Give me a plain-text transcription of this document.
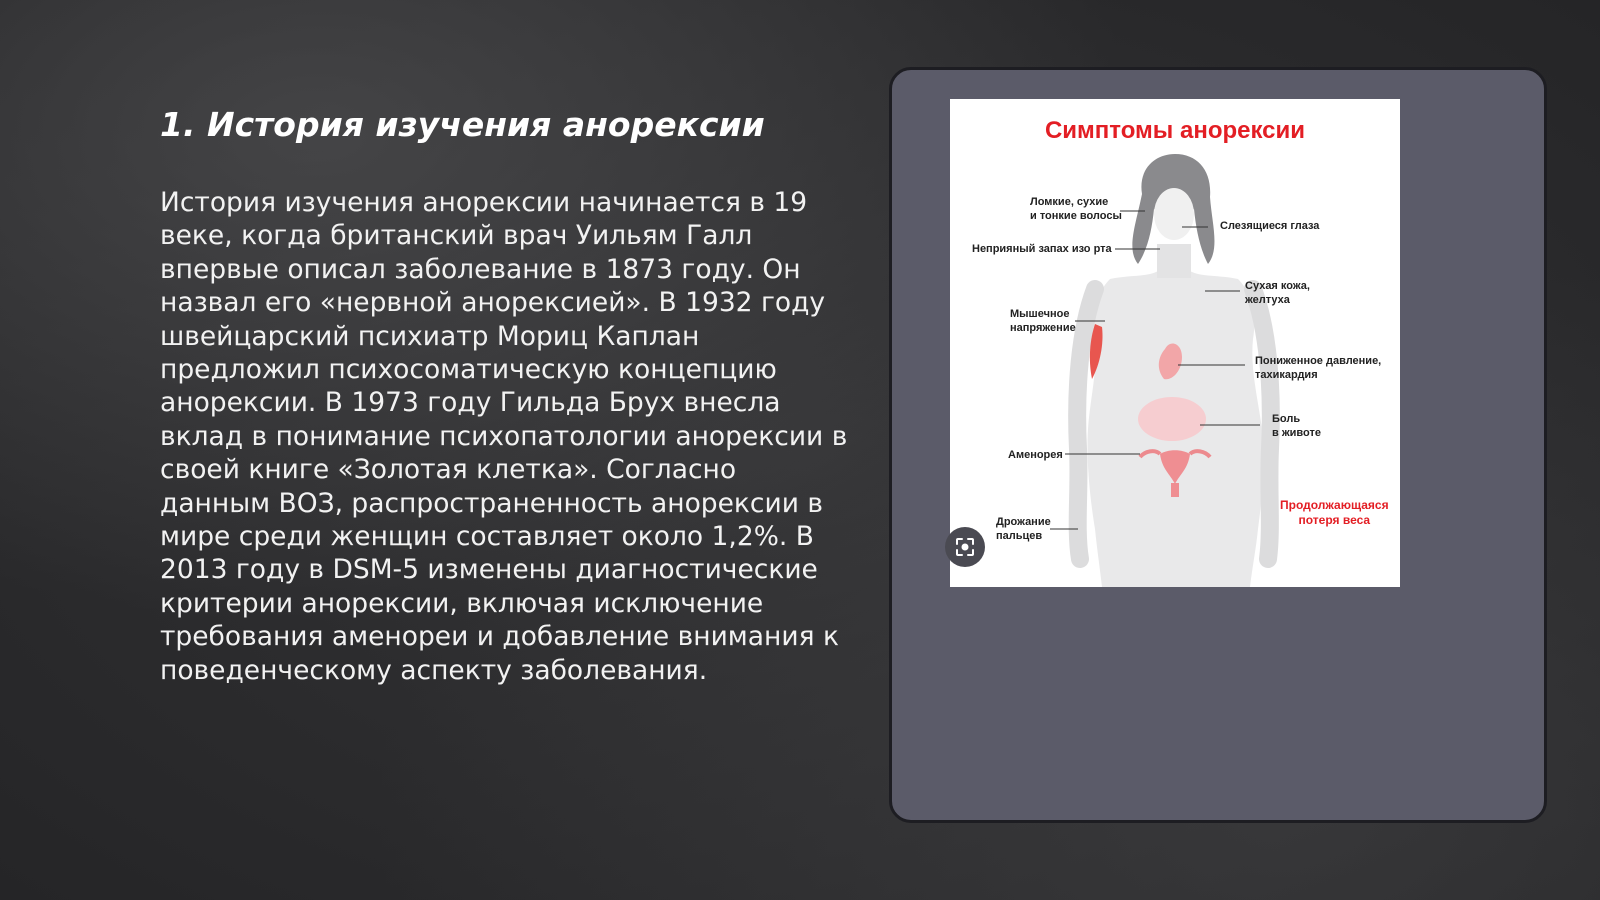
1. История изучения анорексии

История изучения анорексии начинается в 19 веке, когда британский врач Уильям Галл впервые описал заболевание в 1873 году. Он назвал его «нервной анорексией». В 1932 году швейцарский психиатр Мориц Каплан предложил психосоматическую концепцию анорексии. В 1973 году Гильда Брух внесла вклад в понимание психопатологии анорексии в своей книге «Золотая клетка». Согласно данным ВОЗ, распространенность анорексии в мире среди женщин составляет около 1,2%. В 2013 году в DSM-5 изменены диагностические критерии анорексии, включая исключение требования аменореи и добавление внимания к поведенческому аспекту заболевания.

Симптомы анорексии
Ломкие, сухие
и тонкие волосы
Слезящиеся глаза
Неприяный запах изо рта
Сухая кожа,
желтуха
Мышечное
напряжение
Пониженное давление,
тахикардия
Боль
в животе
Аменорея
Дрожание
пальцев
Продолжающаяся
потеря веса
